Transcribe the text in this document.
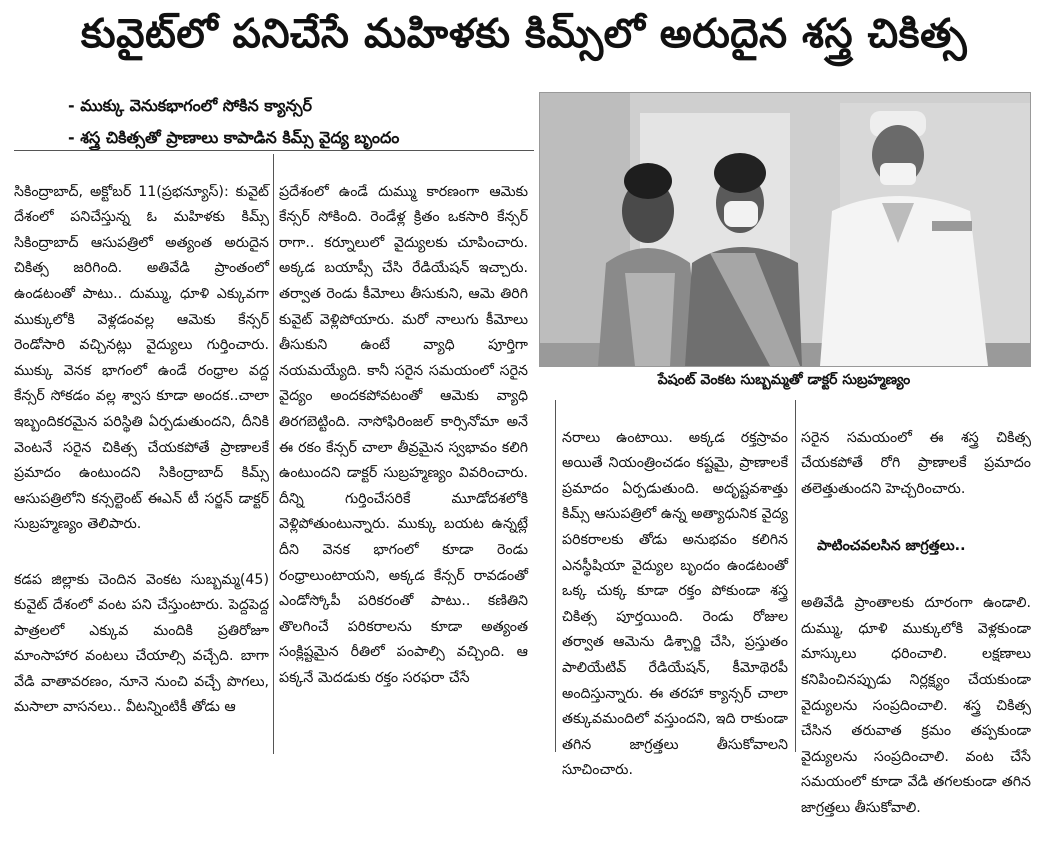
కువైట్‌లో పనిచేసే మహిళకు కిమ్స్‌లో అరుదైన శస్త్ర చికిత్స
- ముక్కు వెనుకభాగంలో సోకిన క్యాన్సర్
- శస్త్ర చికిత్సతో ప్రాణాలు కాపాడిన కిమ్స్ వైద్య బృందం
పేషంట్ వెంకట సుబ్బమ్మతో డాక్టర్ సుబ్రహ్మణ్యం

సికింద్రాబాద్, అక్టోబర్ 11(ప్రభన్యూస్): కువైట్ దేశంలో పనిచేస్తున్న ఓ మహిళకు కిమ్స్ సికింద్రాబాద్ ఆసుపత్రిలో అత్యంత అరుదైన చికిత్స జరిగింది. అతివేడి ప్రాంతంలో ఉండటంతో పాటు.. దుమ్ము, ధూళి ఎక్కువగా ముక్కులోకి వెళ్లడంవల్ల ఆమెకు కేన్సర్ రెండోసారి వచ్చినట్లు వైద్యులు గుర్తించారు. ముక్కు వెనక భాగంలో ఉండే రంధ్రాల వద్ద కేన్సర్ సోకడం వల్ల శ్వాస కూడా అందక..చాలా ఇబ్బందికరమైన పరిస్థితి ఏర్పడుతుందని, దీనికి వెంటనే సరైన చికిత్స చేయకపోతే ప్రాణాలకే ప్రమాదం ఉంటుందని సికింద్రాబాద్ కిమ్స్ ఆసుపత్రిలోని కన్సల్టెంట్ ఈఎన్ టీ సర్జన్ డాక్టర్ సుబ్రహ్మణ్యం తెలిపారు.

కడప జిల్లాకు చెందిన వెంకట సుబ్బమ్మ(45) కువైట్ దేశంలో వంట పని చేస్తుంటారు. పెద్దపెద్ద పాత్రలలో ఎక్కువ మందికి ప్రతిరోజూ మాంసాహార వంటలు చేయాల్సి వచ్చేది. బాగా వేడి వాతావరణం, నూనె నుంచి వచ్చే పొగలు, మసాలా వాసనలు.. వీటన్నింటికీ తోడు ఆ

ప్రదేశంలో ఉండే దుమ్ము కారణంగా ఆమెకు కేన్సర్ సోకింది. రెండేళ్ల క్రితం ఒకసారి కేన్సర్ రాగా.. కర్నూలులో వైద్యులకు చూపించారు. అక్కడ బయాప్సీ చేసి రేడియేషన్ ఇచ్చారు. తర్వాత రెండు కీమోలు తీసుకుని, ఆమె తిరిగి కువైట్ వెళ్లిపోయారు. మరో నాలుగు కీమోలు తీసుకుని ఉంటే వ్యాధి పూర్తిగా నయమయ్యేది. కానీ సరైన సమయంలో సరైన వైద్యం అందకపోవటంతో ఆమెకు వ్యాధి తిరగబెట్టింది. నాసోఫిరింజల్ కార్సినోమా అనే ఈ రకం కేన్సర్ చాలా తీవ్రమైన స్వభావం కలిగి ఉంటుందని డాక్టర్ సుబ్రహ్మణ్యం వివరించారు. దీన్ని గుర్తించేసరికే మూడోదశలోకి వెళ్లిపోతుంటున్నారు. ముక్కు బయట ఉన్నట్లే దీని వెనక భాగంలో కూడా రెండు రంధ్రాలుంటాయని, అక్కడ కేన్సర్ రావడంతో ఎండోస్కోపీ పరికరంతో పాటు.. కణితిని తొలగించే పరికరాలను కూడా అత్యంత సంక్లిష్టమైన రీతిలో పంపాల్సి వచ్చింది. ఆ పక్కనే మెదడుకు రక్తం సరఫరా చేసే

నరాలు ఉంటాయి. అక్కడ రక్తస్రావం అయితే నియంత్రించడం కష్టమై, ప్రాణాలకే ప్రమాదం ఏర్పడుతుంది. అదృష్టవశాత్తు కిమ్స్ ఆసుపత్రిలో ఉన్న అత్యాధునిక వైద్య పరికరాలకు తోడు అనుభవం కలిగిన ఎనస్థీషియా వైద్యుల బృందం ఉండటంతో ఒక్క చుక్క కూడా రక్తం పోకుండా శస్త్ర చికిత్స పూర్తయింది. రెండు రోజుల తర్వాత ఆమెను డిశ్చార్జి చేసి, ప్రస్తుతం పాలియేటివ్ రేడియేషన్, కీమోథెరపీ అందిస్తున్నారు. ఈ తరహా క్యాన్సర్ చాలా తక్కువమందిలో వస్తుందని, ఇది రాకుండా తగిన జాగ్రత్తలు తీసుకోవాలని సూచించారు.

సరైన సమయంలో ఈ శస్త్ర చికిత్స చేయకపోతే రోగి ప్రాణాలకే ప్రమాదం తలెత్తుతుందని హెచ్చరించారు.

పాటించవలసిన జాగ్రత్తలు..

అతివేడి ప్రాంతాలకు దూరంగా ఉండాలి. దుమ్ము, ధూళి ముక్కులోకి వెళ్లకుండా మాస్కులు ధరించాలి. లక్షణాలు కనిపించినప్పుడు నిర్లక్ష్యం చేయకుండా వైద్యులను సంప్రదించాలి. శస్త్ర చికిత్స చేసిన తరువాత క్రమం తప్పకుండా వైద్యులను సంప్రదించాలి. వంట చేసే సమయంలో కూడా వేడి తగలకుండా తగిన జాగ్రత్తలు తీసుకోవాలి.
